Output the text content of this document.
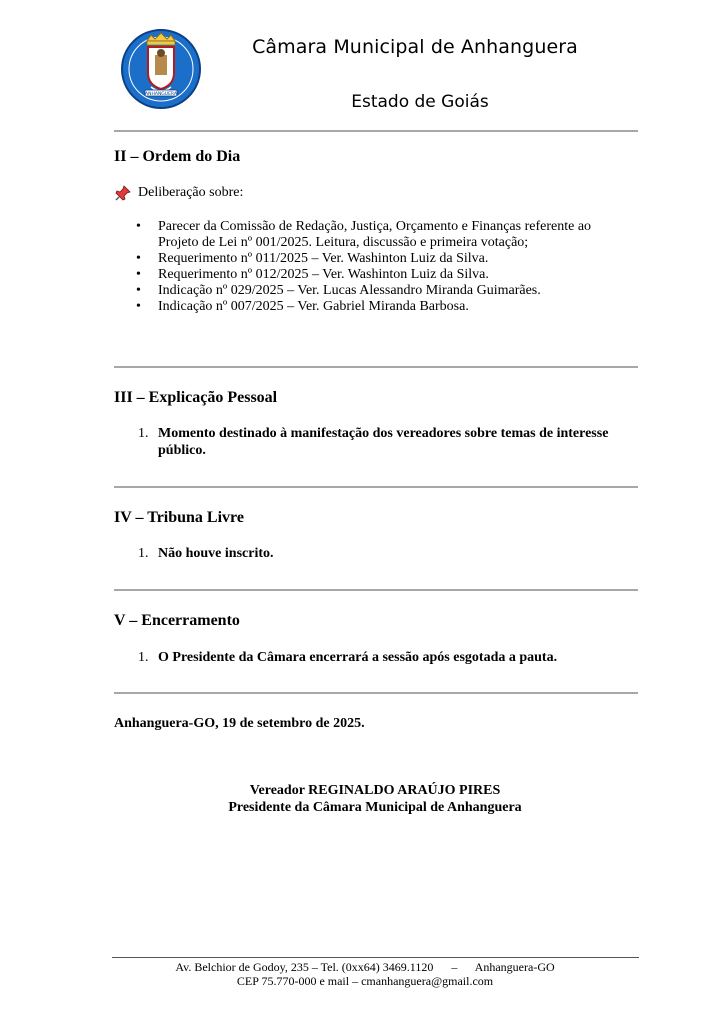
ANHANGUERA
Câmara Municipal de Anhanguera
Estado de Goiás
II – Ordem do Dia
Deliberação sobre:
• Parecer da Comissão de Redação, Justiça, Orçamento e Finanças referente ao Projeto de Lei nº 001/2025. Leitura, discussão e primeira votação;
• Requerimento nº 011/2025 – Ver. Washinton Luiz da Silva.
• Requerimento nº 012/2025 – Ver. Washinton Luiz da Silva.
• Indicação nº 029/2025 – Ver. Lucas Alessandro Miranda Guimarães.
• Indicação nº 007/2025 – Ver. Gabriel Miranda Barbosa.
III – Explicação Pessoal
1. Momento destinado à manifestação dos vereadores sobre temas de interesse público.
IV – Tribuna Livre
1. Não houve inscrito.
V – Encerramento
1. O Presidente da Câmara encerrará a sessão após esgotada a pauta.
Anhanguera-GO, 19 de setembro de 2025.
Vereador REGINALDO ARAÚJO PIRES
Presidente da Câmara Municipal de Anhanguera
Av. Belchior de Godoy, 235 – Tel. (0xx64) 3469.1120      –      Anhanguera-GO
CEP 75.770-000 e mail – cmanhanguera@gmail.com
